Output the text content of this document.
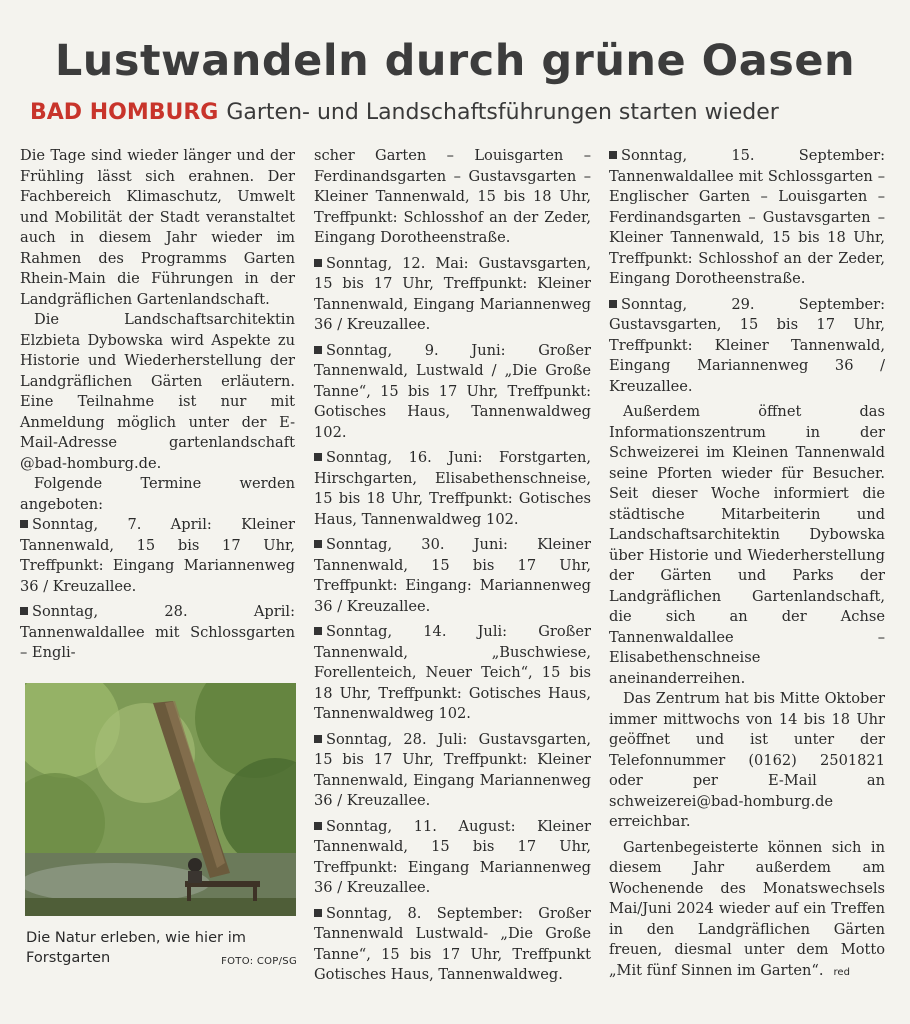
Lustwandeln durch grüne Oasen
BAD HOMBURG Garten- und Landschaftsführungen starten wieder

Die Tage sind wieder länger und der Frühling lässt sich erahnen. Der Fachbereich Klimaschutz, Umwelt und Mobilität der Stadt veranstaltet auch in diesem Jahr wieder im Rahmen des Programms Garten Rhein-Main die Führungen in der Landgräflichen Gartenlandschaft.

Die Landschaftsarchitektin Elzbieta Dybowska wird Aspekte zu Historie und Wiederherstellung der Landgräflichen Gärten erläutern. Eine Teilnahme ist nur mit Anmeldung möglich unter der E-Mail-Adresse gartenlandschaft @bad-homburg.de.

Folgende Termine werden angeboten:

Sonntag, 7. April: Kleiner Tannenwald, 15 bis 17 Uhr, Treffpunkt: Eingang Mariannenweg 36 / Kreuzallee.

Sonntag, 28. April: Tannenwaldallee mit Schlossgarten – Engli-

Die Natur erleben, wie hier im Forstgarten	FOTO: COP/SG

scher Garten – Louisgarten – Ferdinandsgarten – Gustavsgarten – Kleiner Tannenwald, 15 bis 18 Uhr, Treffpunkt: Schlosshof an der Zeder, Eingang Dorotheenstraße.

Sonntag, 12. Mai: Gustavsgarten, 15 bis 17 Uhr, Treffpunkt: Kleiner Tannenwald, Eingang Mariannenweg 36 / Kreuzallee.

Sonntag, 9. Juni: Großer Tannenwald, Lustwald / „Die Große Tanne“, 15 bis 17 Uhr, Treffpunkt: Gotisches Haus, Tannenwaldweg 102.

Sonntag, 16. Juni: Forstgarten, Hirschgarten, Elisabethenschneise, 15 bis 18 Uhr, Treffpunkt: Gotisches Haus, Tannenwaldweg 102.

Sonntag, 30. Juni: Kleiner Tannenwald, 15 bis 17 Uhr, Treffpunkt: Eingang: Mariannenweg 36 / Kreuzallee.

Sonntag, 14. Juli: Großer Tannenwald, „Buschwiese, Forellenteich, Neuer Teich“, 15 bis 18 Uhr, Treffpunkt: Gotisches Haus, Tannenwaldweg 102.

Sonntag, 28. Juli: Gustavsgarten, 15 bis 17 Uhr, Treffpunkt: Kleiner Tannenwald, Eingang Mariannenweg 36 / Kreuzallee.

Sonntag, 11. August: Kleiner Tannenwald, 15 bis 17 Uhr, Treffpunkt: Eingang Mariannenweg 36 / Kreuzallee.

Sonntag, 8. September: Großer Tannenwald Lustwald- „Die Große Tanne“, 15 bis 17 Uhr, Treffpunkt Gotisches Haus, Tannenwaldweg.

Sonntag, 15. September: Tannenwaldallee mit Schlossgarten – Englischer Garten – Louisgarten – Ferdinandsgarten – Gustavsgarten – Kleiner Tannenwald, 15 bis 18 Uhr, Treffpunkt: Schlosshof an der Zeder, Eingang Dorotheenstraße.

Sonntag, 29. September: Gustavsgarten, 15 bis 17 Uhr, Treffpunkt: Kleiner Tannenwald, Eingang Mariannenweg 36 / Kreuzallee.

Außerdem öffnet das Informationszentrum in der Schweizerei im Kleinen Tannenwald seine Pforten wieder für Besucher. Seit dieser Woche informiert die städtische Mitarbeiterin und Landschaftsarchitektin Dybowska über Historie und Wiederherstellung der Gärten und Parks der Landgräflichen Gartenlandschaft, die sich an der Achse Tannenwaldallee – Elisabethenschneise aneinanderreihen.

Das Zentrum hat bis Mitte Oktober immer mittwochs von 14 bis 18 Uhr geöffnet und ist unter der Telefonnummer (0162) 2501821 oder per E-Mail an schweizerei@bad-homburg.de erreichbar.

Gartenbegeisterte können sich in diesem Jahr außerdem am Wochenende des Monatswechsels Mai/Juni 2024 wieder auf ein Treffen in den Landgräflichen Gärten freuen, diesmal unter dem Motto „Mit fünf Sinnen im Garten“. red
